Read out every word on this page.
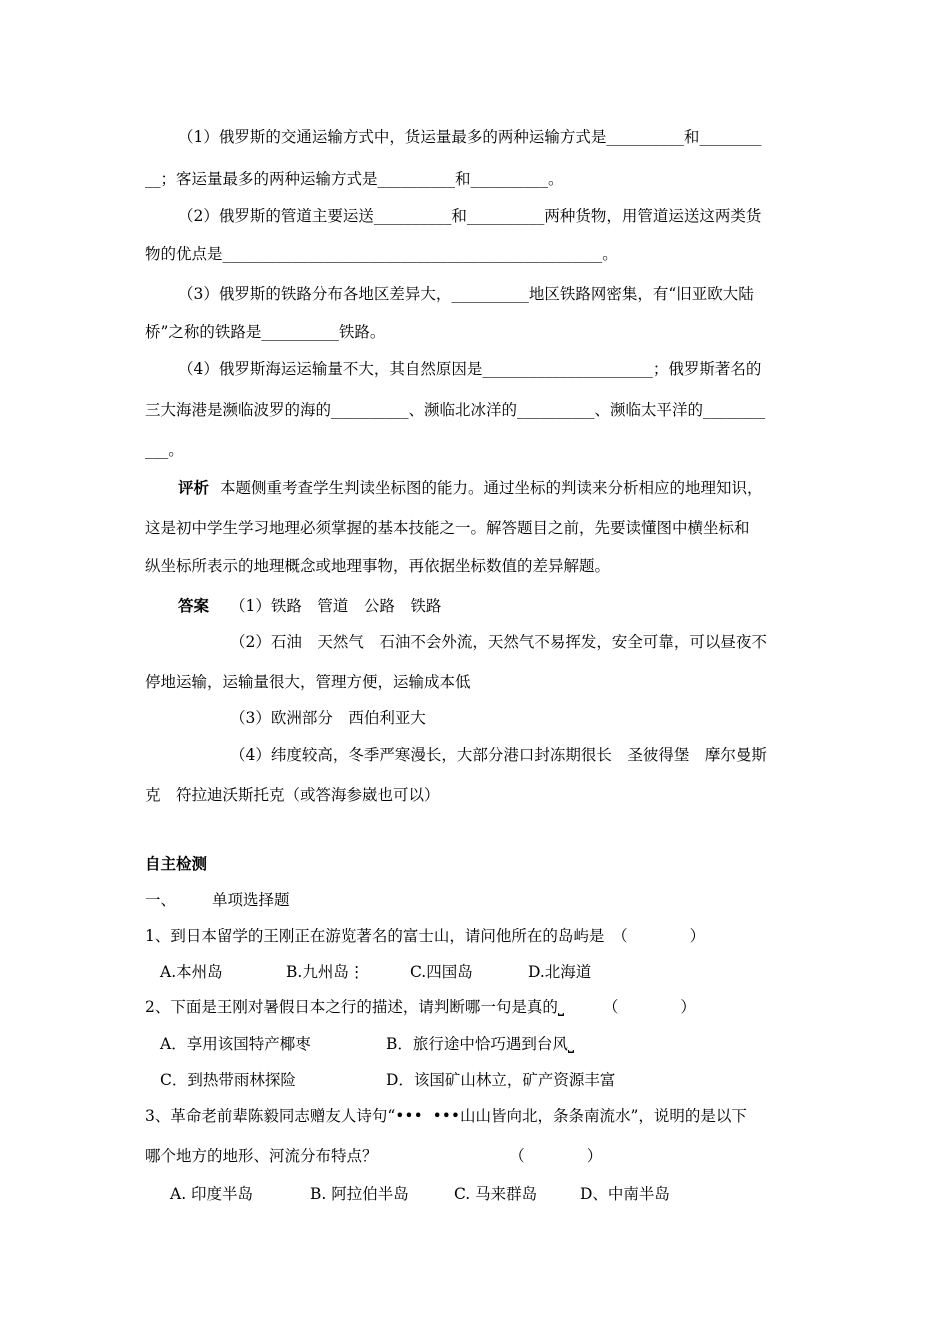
（1）俄罗斯的交通运输方式中，货运量最多的两种运输方式是__________和________
__；客运量最多的两种运输方式是__________和__________。
（2）俄罗斯的管道主要运送__________和__________两种货物，用管道运送这两类货
物的优点是_________________________________________________。
（3）俄罗斯的铁路分布各地区差异大，__________地区铁路网密集，有“旧亚欧大陆
桥”之称的铁路是__________铁路。
（4）俄罗斯海运运输量不大，其自然原因是______________________；俄罗斯著名的
三大海港是濒临波罗的海的__________、濒临北冰洋的__________、濒临太平洋的________
___。
评析 本题侧重考查学生判读坐标图的能力。通过坐标的判读来分析相应的地理知识，
这是初中学生学习地理必须掌握的基本技能之一。解答题目之前，先要读懂图中横坐标和
纵坐标所表示的地理概念或地理事物，再依据坐标数值的差异解题。
答案 （1）铁路　管道　公路　铁路
（2）石油　天然气　石油不会外流，天然气不易挥发，安全可靠，可以昼夜不
停地运输，运输量很大，管理方便，运输成本低
（3）欧洲部分　西伯利亚大
（4）纬度较高，冬季严寒漫长，大部分港口封冻期很长　圣彼得堡　摩尔曼斯
克　符拉迪沃斯托克（或答海参崴也可以）
自主检测
一、 单项选择题
1、到日本留学的王刚正在游览著名的富士山，请问他所在的岛屿是　（　　　　）
A.本州岛	B.九州岛⋮	C.四国岛	D.北海道
2、下面是王刚对暑假日本之行的描述，请判断哪一句是真的⎵　　　（　　　　）
A．享用该国特产椰枣	B．旅行途中恰巧遇到台风⎵
C．到热带雨林探险	D．该国矿山林立，矿产资源丰富
3、革命老前辈陈毅同志赠友人诗句“•••  •••山山皆向北，条条南流水”，说明的是以下
哪个地方的地形、河流分布特点？　　　　　　　　　（　　　　）
A. 印度半岛	B. 阿拉伯半岛	C. 马来群岛	D、中南半岛
